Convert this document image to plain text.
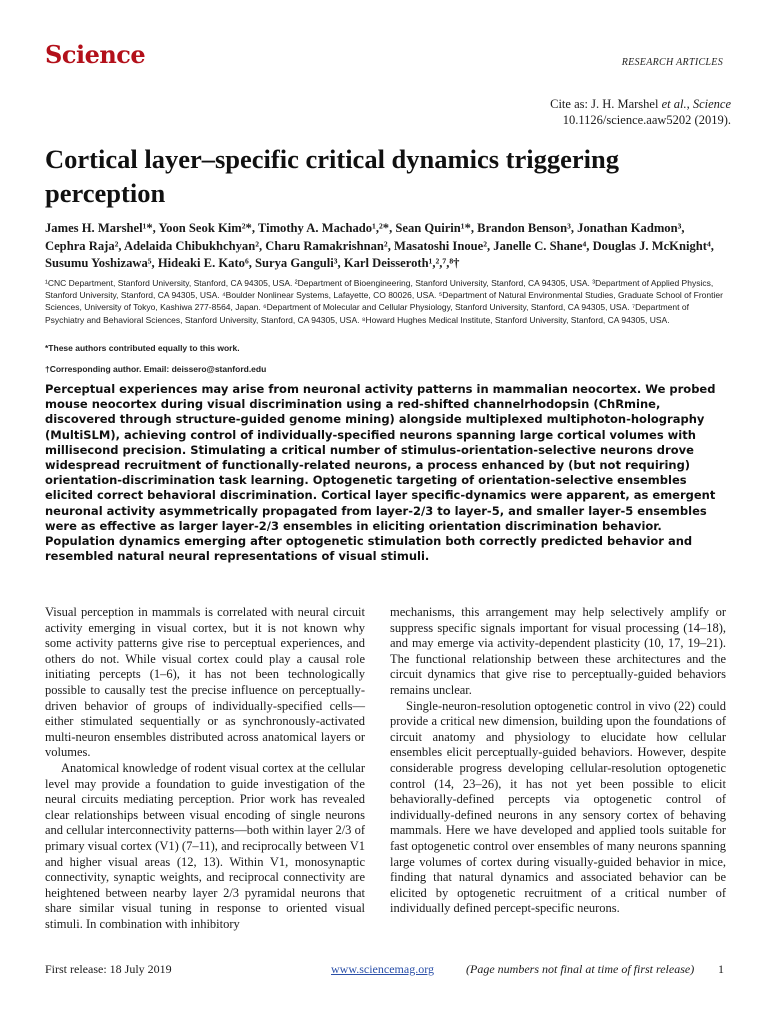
Science	RESEARCH ARTICLES
Cite as: J. H. Marshel et al., Science
10.1126/science.aaw5202 (2019).
Cortical layer–specific critical dynamics triggering perception
James H. Marshel¹*, Yoon Seok Kim²*, Timothy A. Machado¹,²*, Sean Quirin¹*, Brandon Benson³, Jonathan Kadmon³, Cephra Raja², Adelaida Chibukhchyan², Charu Ramakrishnan², Masatoshi Inoue², Janelle C. Shane⁴, Douglas J. McKnight⁴, Susumu Yoshizawa⁵, Hideaki E. Kato⁶, Surya Ganguli³, Karl Deisseroth¹,²,⁷,⁸†
¹CNC Department, Stanford University, Stanford, CA 94305, USA. ²Department of Bioengineering, Stanford University, Stanford, CA 94305, USA. ³Department of Applied Physics, Stanford University, Stanford, CA 94305, USA. ⁴Boulder Nonlinear Systems, Lafayette, CO 80026, USA. ⁵Department of Natural Environmental Studies, Graduate School of Frontier Sciences, University of Tokyo, Kashiwa 277-8564, Japan. ⁶Department of Molecular and Cellular Physiology, Stanford University, Stanford, CA 94305, USA. ⁷Department of Psychiatry and Behavioral Sciences, Stanford University, Stanford, CA 94305, USA. ⁸Howard Hughes Medical Institute, Stanford University, Stanford, CA 94305, USA.
*These authors contributed equally to this work.
†Corresponding author. Email: deissero@stanford.edu
Perceptual experiences may arise from neuronal activity patterns in mammalian neocortex. We probed mouse neocortex during visual discrimination using a red-shifted channelrhodopsin (ChRmine, discovered through structure-guided genome mining) alongside multiplexed multiphoton-holography (MultiSLM), achieving control of individually-specified neurons spanning large cortical volumes with millisecond precision. Stimulating a critical number of stimulus-orientation-selective neurons drove widespread recruitment of functionally-related neurons, a process enhanced by (but not requiring) orientation-discrimination task learning. Optogenetic targeting of orientation-selective ensembles elicited correct behavioral discrimination. Cortical layer specific-dynamics were apparent, as emergent neuronal activity asymmetrically propagated from layer-2/3 to layer-5, and smaller layer-5 ensembles were as effective as larger layer-2/3 ensembles in eliciting orientation discrimination behavior. Population dynamics emerging after optogenetic stimulation both correctly predicted behavior and resembled natural neural representations of visual stimuli.

Visual perception in mammals is correlated with neural circuit activity emerging in visual cortex, but it is not known why some activity patterns give rise to perceptual experiences, and others do not. While visual cortex could play a causal role initiating percepts (1–6), it has not been technologically possible to causally test the precise influence on perceptually-driven behavior of groups of individually-specified cells—either stimulated sequentially or as synchronously-activated multi-neuron ensembles distributed across anatomical layers or volumes.

Anatomical knowledge of rodent visual cortex at the cellular level may provide a foundation to guide investigation of the neural circuits mediating perception. Prior work has revealed clear relationships between visual encoding of single neurons and cellular interconnectivity patterns—both within layer 2/3 of primary visual cortex (V1) (7–11), and reciprocally between V1 and higher visual areas (12, 13). Within V1, monosynaptic connectivity, synaptic weights, and reciprocal connectivity are heightened between nearby layer 2/3 pyramidal neurons that share similar visual tuning in response to oriented visual stimuli. In combination with inhibitory

mechanisms, this arrangement may help selectively amplify or suppress specific signals important for visual processing (14–18), and may emerge via activity-dependent plasticity (10, 17, 19–21). The functional relationship between these architectures and the circuit dynamics that give rise to perceptually-guided behaviors remains unclear.

Single-neuron-resolution optogenetic control in vivo (22) could provide a critical new dimension, building upon the foundations of circuit anatomy and physiology to elucidate how cellular ensembles elicit perceptually-guided behaviors. However, despite considerable progress developing cellular-resolution optogenetic control (14, 23–26), it has not yet been possible to elicit behaviorally-defined percepts via optogenetic control of individually-defined neurons in any sensory cortex of behaving mammals. Here we have developed and applied tools suitable for fast optogenetic control over ensembles of many neurons spanning large volumes of cortex during visually-guided behavior in mice, finding that natural dynamics and associated behavior can be elicited by optogenetic recruitment of a critical number of individually defined percept-specific neurons.

First release: 18 July 2019	www.sciencemag.org	(Page numbers not final at time of first release) 1
